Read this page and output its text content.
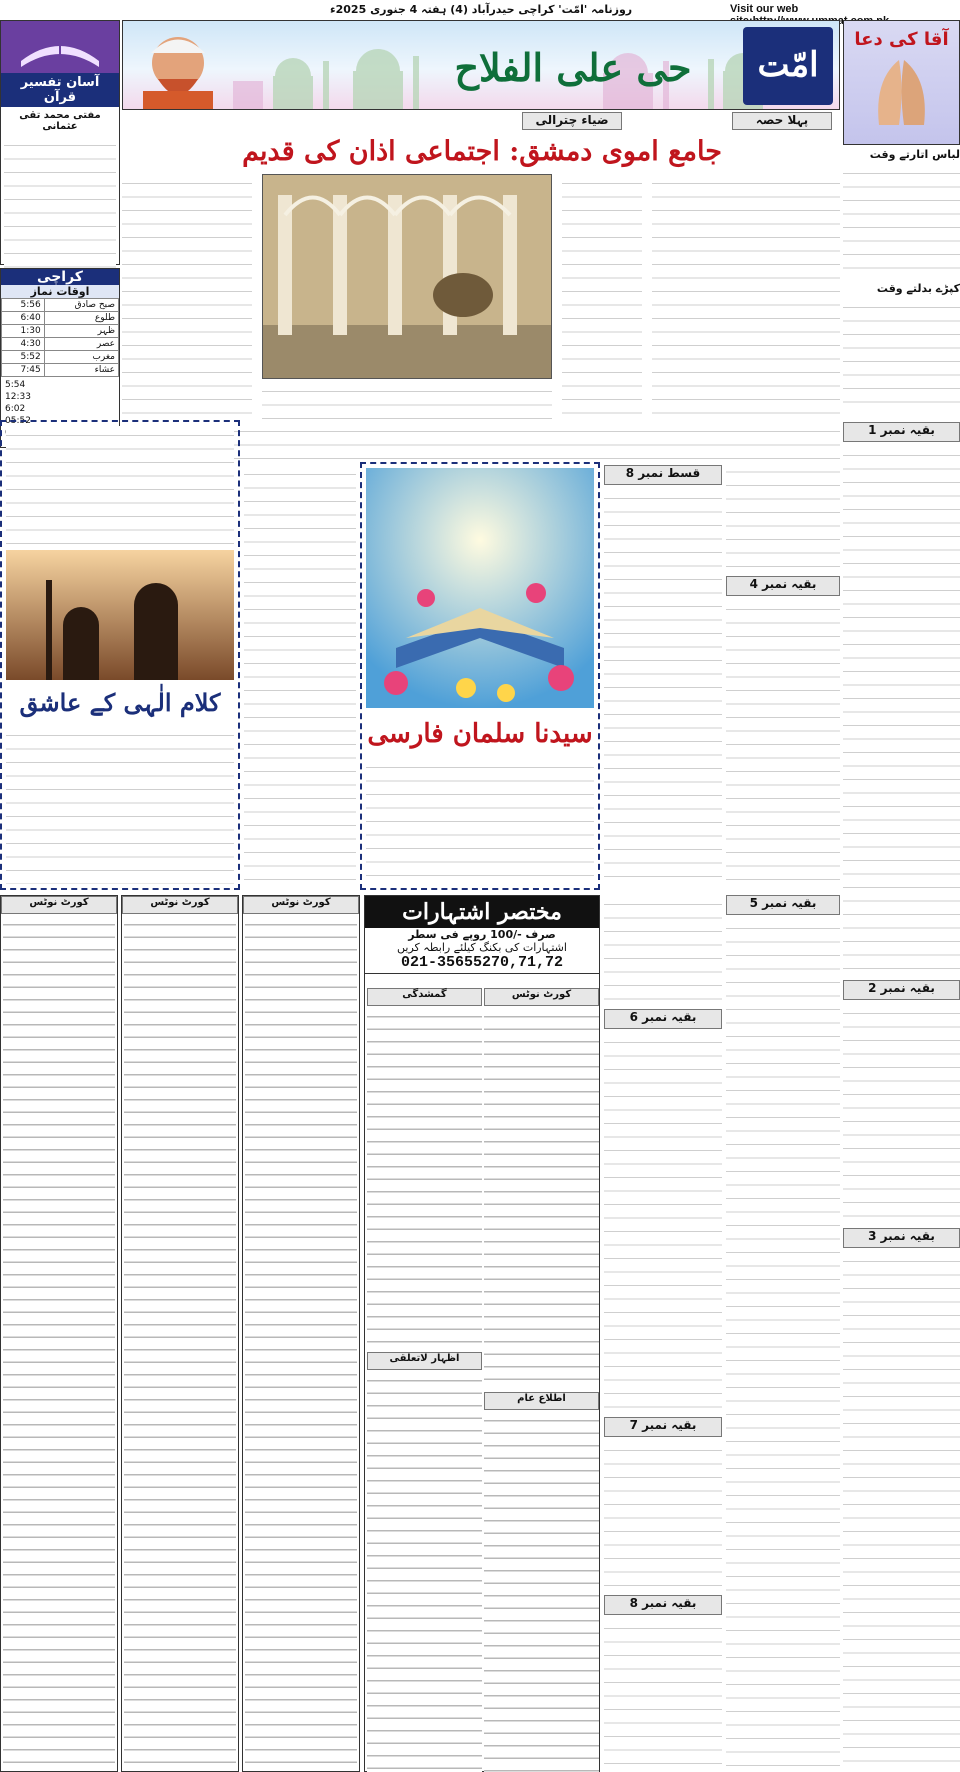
روزنامہ 'امّت' کراچی حیدرآباد (4) ہفتہ 4 جنوری 2025ء	Visit our web
حی علی الفلاح	امّت
آسان تفسیر قرآن
مفتی محمد تقی عثمانی
کراچی
اوقات نماز
صبح صادق	5:56
طلوع	6:40
ظہر	1:30
عصر	4:30
مغرب	5:52
عشاء	7:45
5:54
12:33
6:02
05:52
آقا کی دعا
لباس اتارتے وقت
کپڑے بدلتے وقت
ضیاء چترالی	پہلا حصہ
جامع اموی دمشق: اجتماعی اذان کی قدیم
کلام الٰہی کے عاشق
سیدنا سلمان فارسی
قسط نمبر 8
بقیہ نمبر 4
بقیہ نمبر 1
بقیہ نمبر 2
بقیہ نمبر 3
کورٹ نوٹس	کورٹ نوٹس	کورٹ نوٹس	مختصر اشتہارات
صرف -/100 روپے فی سطر
اشتہارات کی بکنگ کیلئے رابطہ کریں
021-35655270,71,72
گمشدگی
اظہار لاتعلقی
کورٹ نوٹس
اطلاع عام
بقیہ نمبر 6
بقیہ نمبر 7
بقیہ نمبر 8
بقیہ نمبر 5
